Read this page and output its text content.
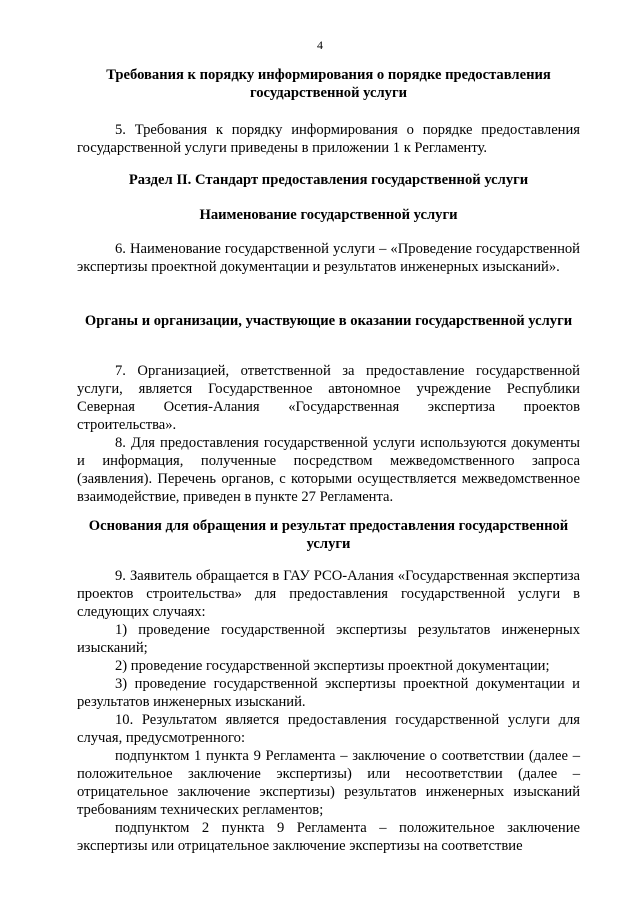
4
Требования к порядку информирования о порядке предоставления государственной услуги
5. Требования к порядку информирования о порядке предоставления государственной услуги приведены в приложении 1 к Регламенту.
Раздел II. Стандарт предоставления государственной услуги
Наименование государственной услуги
6. Наименование государственной услуги – «Проведение государственной экспертизы проектной документации и результатов инженерных изысканий».
Органы и организации, участвующие в оказании государственной услуги
7. Организацией, ответственной за предоставление государственной услуги, является Государственное автономное учреждение Республики Северная Осетия-Алания «Государственная экспертиза проектов строительства».
8. Для предоставления государственной услуги используются документы и информация, полученные посредством межведомственного запроса (заявления). Перечень органов, с которыми осуществляется межведомственное взаимодействие, приведен в пункте 27 Регламента.
Основания для обращения и результат предоставления государственной услуги
9. Заявитель обращается в ГАУ РСО-Алания «Государственная экспертиза проектов строительства» для предоставления государственной услуги в следующих случаях:
1) проведение государственной экспертизы результатов инженерных изысканий;
2) проведение государственной экспертизы проектной документации;
3) проведение государственной экспертизы проектной документации и результатов инженерных изысканий.
10. Результатом является предоставления государственной услуги для случая, предусмотренного:
подпунктом 1 пункта 9 Регламента – заключение о соответствии (далее – положительное заключение экспертизы) или несоответствии (далее – отрицательное заключение экспертизы) результатов инженерных изысканий требованиям технических регламентов;
подпунктом 2 пункта 9 Регламента – положительное заключение экспертизы или отрицательное заключение экспертизы на соответствие
